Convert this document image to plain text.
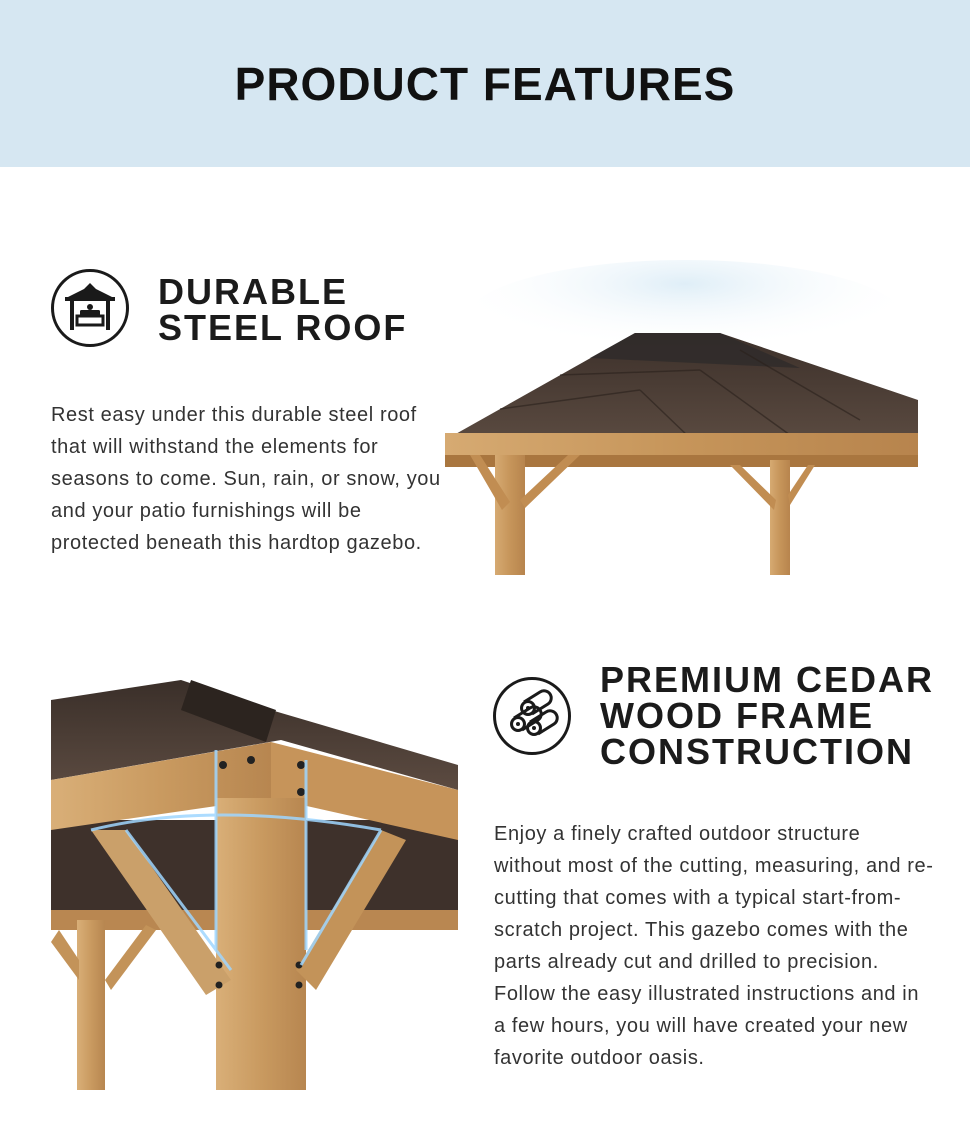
PRODUCT FEATURES
DURABLE
STEEL ROOF

Rest easy under this durable steel roof that will withstand the elements for seasons to come. Sun, rain, or snow, you and your patio furnishings will be protected beneath this hardtop gazebo.

PREMIUM CEDAR
WOOD FRAME
CONSTRUCTION

Enjoy a finely crafted outdoor structure without most of the cutting, measuring, and re-cutting that comes with a typical start-from-scratch project. This gazebo comes with the parts already cut and drilled to precision. Follow the easy illustrated instructions and in a few hours, you will have created your new favorite outdoor oasis.
